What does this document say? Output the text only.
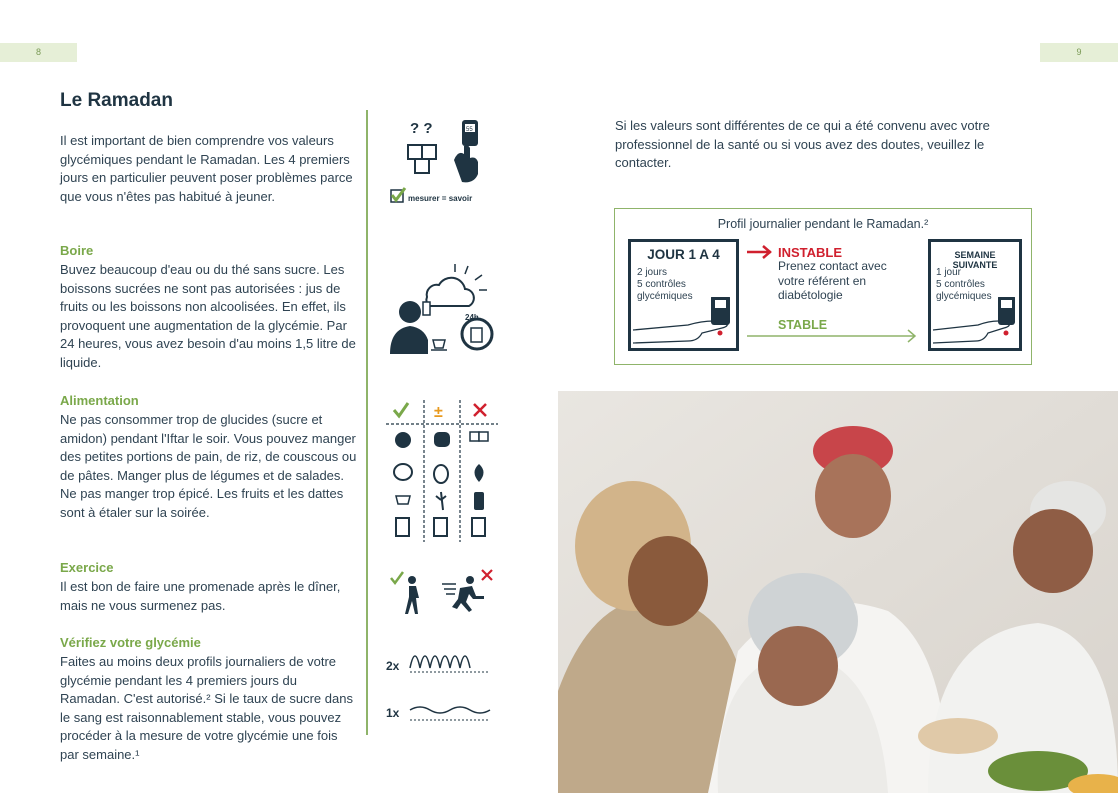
8	9
Le Ramadan
Il est important de bien comprendre vos valeurs glycémiques pendant le Ramadan. Les 4 premiers jours en particulier peuvent poser problèmes parce que vous n'êtes pas habitué à jeuner.
Boire
Buvez beaucoup d'eau ou du thé sans sucre. Les boissons sucrées ne sont pas autorisées : jus de fruits ou les boissons non alcoolisées. En effet, ils provoquent une augmentation de la glycémie. Par 24 heures, vous avez besoin d'au moins 1,5 litre de liquide.
Alimentation
Ne pas consommer trop de glucides (sucre et amidon) pendant l'Iftar le soir. Vous pouvez manger des petites portions de pain, de riz, de couscous ou de pâtes. Manger plus de légumes et de salades. Ne pas manger trop épicé. Les fruits et les dattes sont à étaler sur la soirée.
Exercice
Il est bon de faire une promenade après le dîner, mais ne vous surmenez pas.
Vérifiez votre glycémie
Faites au moins deux profils journaliers de votre glycémie pendant les 4 premiers jours du Ramadan. C'est autorisé.² Si le taux de sucre dans le sang est raisonnablement stable, vous pouvez procéder à la mesure de votre glycémie une fois par semaine.¹
? ?	55
mesurer = savoir
24h
±
2x
1x
Si les valeurs sont différentes de ce qui a été convenu avec votre professionnel de la santé ou si vous avez des doutes, veuillez le contacter.
Profil journalier pendant le Ramadan.²
JOUR 1 A 4
2 jours
5 contrôles
glycémiques
INSTABLE
Prenez contact avec votre référent en diabétologie
STABLE
SEMAINE SUIVANTE
1 jour
5 contrôles
glycémiques
